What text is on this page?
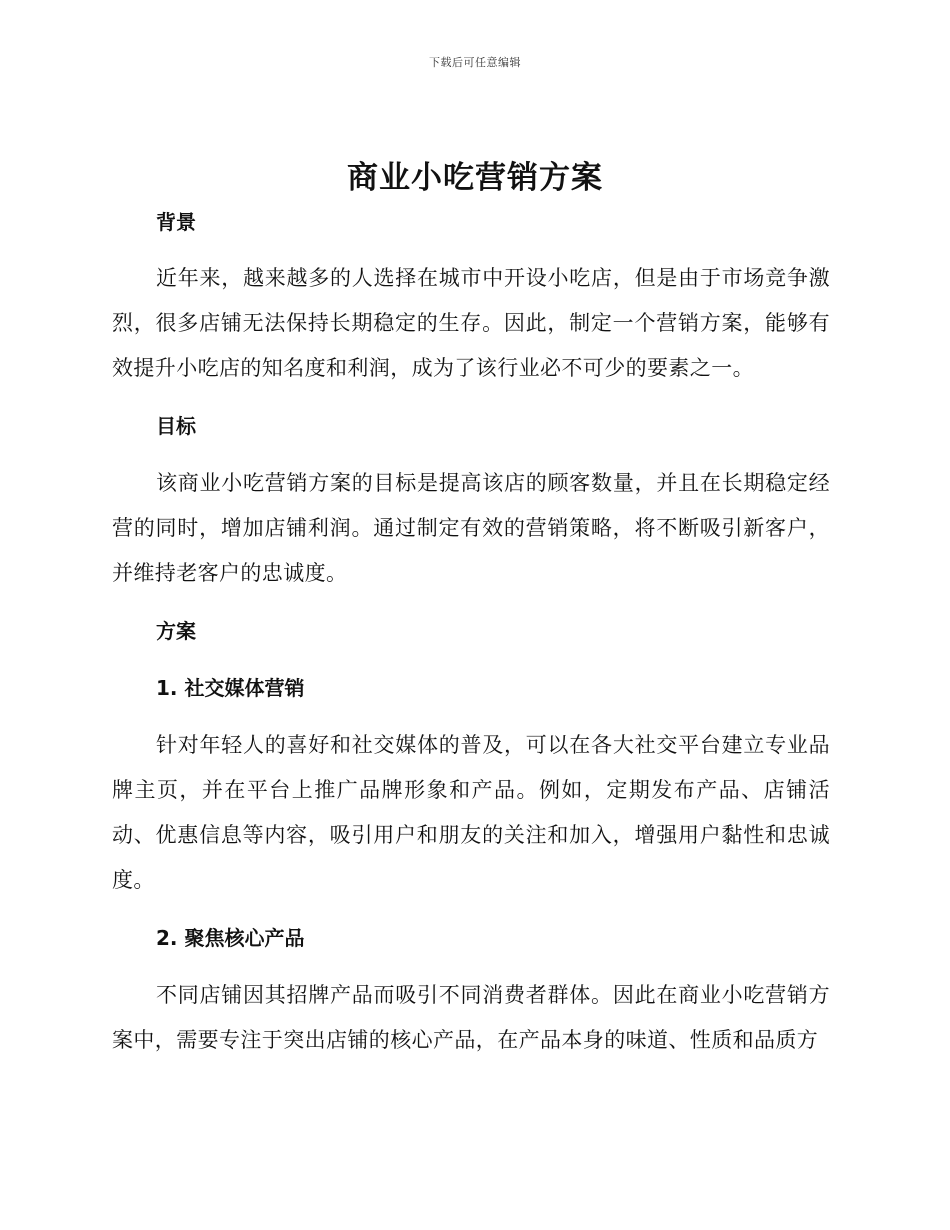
下载后可任意编辑
商业小吃营销方案
背景

近年来，越来越多的人选择在城市中开设小吃店，但是由于市场竞争激烈，很多店铺无法保持长期稳定的生存。因此，制定一个营销方案，能够有效提升小吃店的知名度和利润，成为了该行业必不可少的要素之一。

目标

该商业小吃营销方案的目标是提高该店的顾客数量，并且在长期稳定经营的同时，增加店铺利润。通过制定有效的营销策略，将不断吸引新客户，并维持老客户的忠诚度。

方案
1. 社交媒体营销

针对年轻人的喜好和社交媒体的普及，可以在各大社交平台建立专业品牌主页，并在平台上推广品牌形象和产品。例如，定期发布产品、店铺活动、优惠信息等内容，吸引用户和朋友的关注和加入，增强用户黏性和忠诚度。

2. 聚焦核心产品

不同店铺因其招牌产品而吸引不同消费者群体。因此在商业小吃营销方案中，需要专注于突出店铺的核心产品，在产品本身的味道、性质和品质方
